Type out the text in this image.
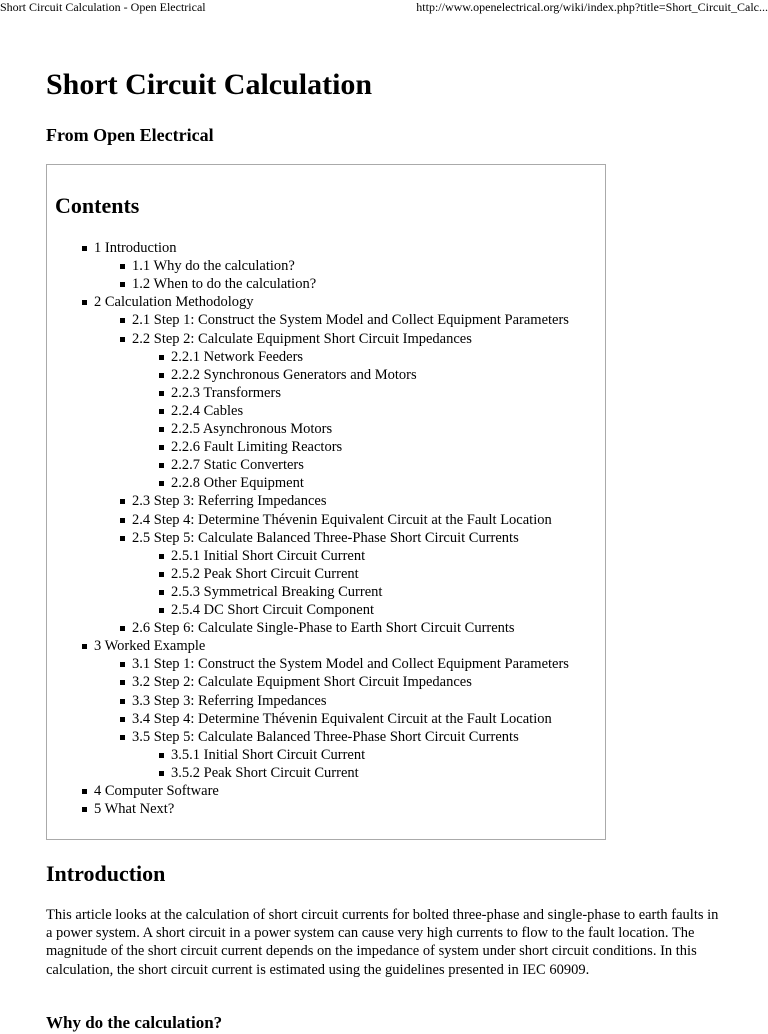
Short Circuit Calculation - Open Electrical	http://www.openelectrical.org/wiki/index.php?title=Short_Circuit_Calc...
Short Circuit Calculation
From Open Electrical
Contents
1 Introduction
1.1 Why do the calculation?
1.2 When to do the calculation?
2 Calculation Methodology
2.1 Step 1: Construct the System Model and Collect Equipment Parameters
2.2 Step 2: Calculate Equipment Short Circuit Impedances
2.2.1 Network Feeders
2.2.2 Synchronous Generators and Motors
2.2.3 Transformers
2.2.4 Cables
2.2.5 Asynchronous Motors
2.2.6 Fault Limiting Reactors
2.2.7 Static Converters
2.2.8 Other Equipment
2.3 Step 3: Referring Impedances
2.4 Step 4: Determine Thévenin Equivalent Circuit at the Fault Location
2.5 Step 5: Calculate Balanced Three-Phase Short Circuit Currents
2.5.1 Initial Short Circuit Current
2.5.2 Peak Short Circuit Current
2.5.3 Symmetrical Breaking Current
2.5.4 DC Short Circuit Component
2.6 Step 6: Calculate Single-Phase to Earth Short Circuit Currents
3 Worked Example
3.1 Step 1: Construct the System Model and Collect Equipment Parameters
3.2 Step 2: Calculate Equipment Short Circuit Impedances
3.3 Step 3: Referring Impedances
3.4 Step 4: Determine Thévenin Equivalent Circuit at the Fault Location
3.5 Step 5: Calculate Balanced Three-Phase Short Circuit Currents
3.5.1 Initial Short Circuit Current
3.5.2 Peak Short Circuit Current
4 Computer Software
5 What Next?
Introduction

This article looks at the calculation of short circuit currents for bolted three-phase and single-phase to earth faults in a power system. A short circuit in a power system can cause very high currents to flow to the fault location. The magnitude of the short circuit current depends on the impedance of system under short circuit conditions. In this calculation, the short circuit current is estimated using the guidelines presented in IEC 60909.

Why do the calculation?
